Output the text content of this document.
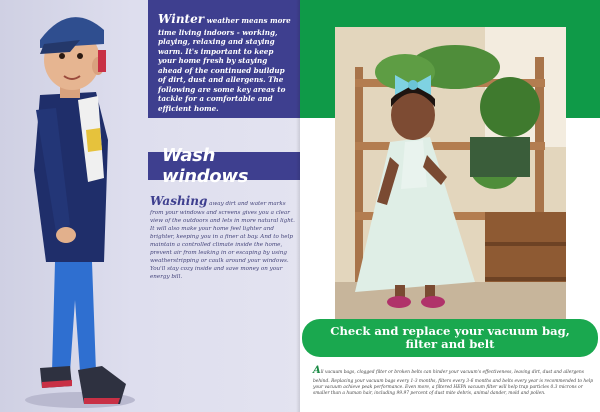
Winter weather means more time living indoors - working, playing, relaxing and staying warm. It's important to keep your home fresh by staying ahead of the continued buildup of dirt, dust and allergens. The following are some key areas to tackle for a comfortable and efficient home.

Wash windows

Washing away dirt and water marks from your windows and screens gives you a clear view of the outdoors and lets in more natural light. It will also make your home feel lighter and brighter, keeping you in a finer at bay. And to help maintain a controlled climate inside the home, prevent air from leaking in or escaping by using weatherstripping or caulk around your windows. You'll stay cozy inside and save money on your energy bill.

Check and replace your vacuum bag, filter and belt

All vacuum bags, clogged filter or broken belts can hinder your vacuum's effectiveness, leaving dirt, dust and allergens behind. Replacing your vacuum bags every 1-3 months, filters every 3-6 months and belts every year is recommended to help your vacuum achieve peak performance. Even more, a filtered HEPA vacuum filter will help trap particles 0.3 microns or smaller than a human hair, including 99.97 percent of dust mite debris, animal dander, mold and pollen.
